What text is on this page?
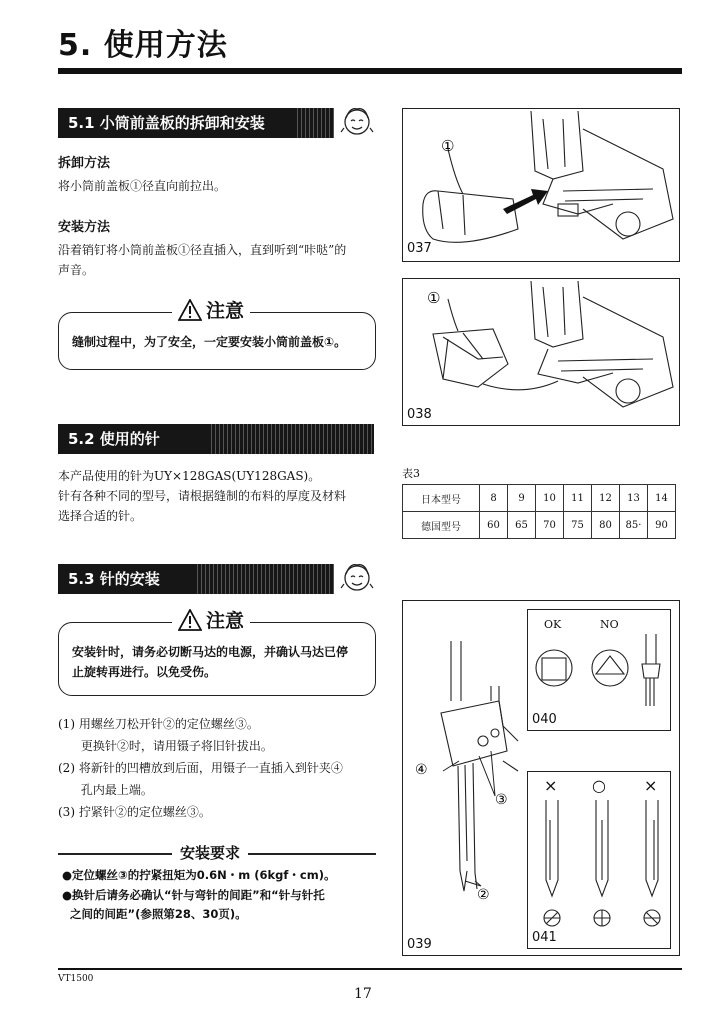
5. 使用方法
5.1 小筒前盖板的拆卸和安装
拆卸方法
将小筒前盖板①径直向前拉出。
安装方法
沿着销钉将小筒前盖板①径直插入，直到听到“咔哒”的
声音。
注意
缝制过程中，为了安全，一定要安装小筒前盖板①。
①
037
①
038
5.2 使用的针
本产品使用的针为UY×128GAS(UY128GAS)。
针有各种不同的型号，请根据缝制的布料的厚度及材料
选择合适的针。
表3
日本型号	8	9	10	11	12	13	14
德国型号	60	65	70	75	80	85·	90
5.3 针的安装
注意
安装针时，请务必切断马达的电源，并确认马达已停
止旋转再进行。以免受伤。
(1) 用螺丝刀松开针②的定位螺丝③。
更换针②时，请用镊子将旧针拔出。
(2) 将新针的凹槽放到后面，用镊子一直插入到针夹④
孔内最上端。
(3) 拧紧针②的定位螺丝③。
安装要求
●定位螺丝③的拧紧扭矩为0.6N・m (6kgf・cm)。
●换针后请务必确认“针与弯针的间距”和“针与针托
之间的间距”(参照第28、30页)。
④
③
②
039
OK	NO
040
× ○ ×
041
VT1500
17
